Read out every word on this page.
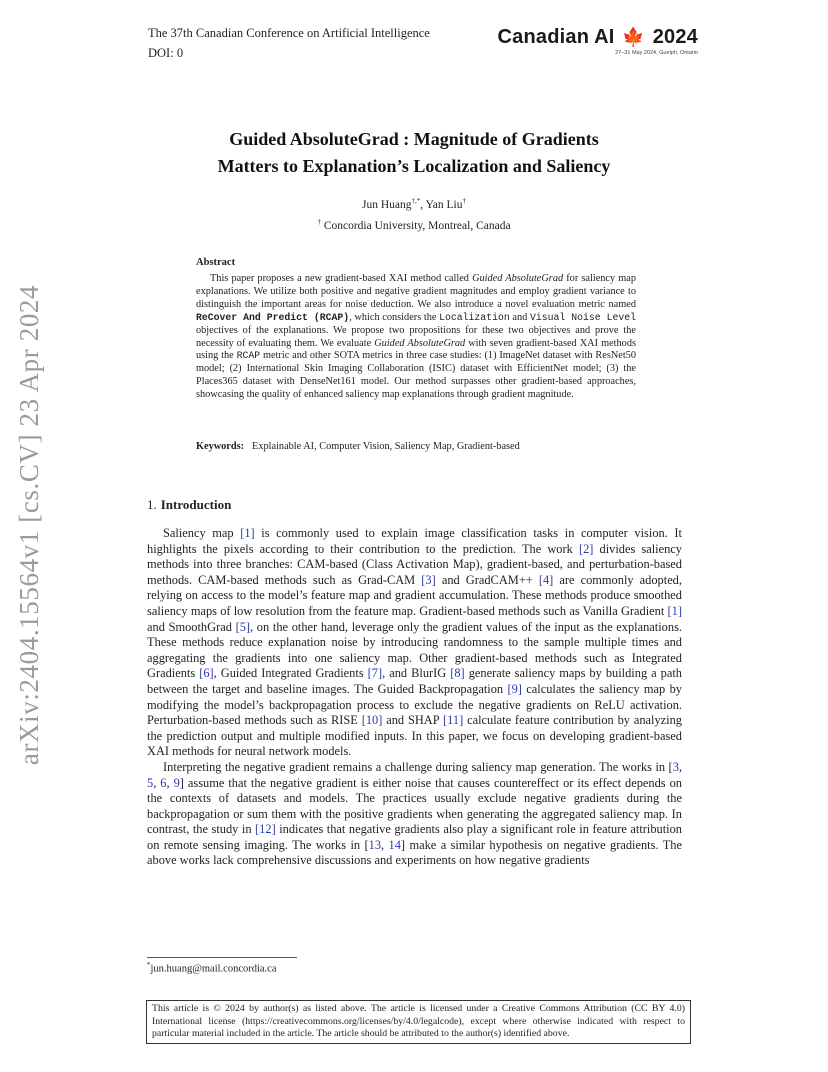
The 37th Canadian Conference on Artificial Intelligence
DOI: 0
Canadian AI 🍁 2024
27–31 May 2024, Guelph, Ontario
arXiv:2404.15564v1 [cs.CV] 23 Apr 2024
Guided AbsoluteGrad : Magnitude of Gradients
Matters to Explanation’s Localization and Saliency
Jun Huang†,*, Yan Liu†
† Concordia University, Montreal, Canada
Abstract

This paper proposes a new gradient-based XAI method called Guided AbsoluteGrad for saliency map explanations. We utilize both positive and negative gradient magnitudes and employ gradient variance to distinguish the important areas for noise deduction. We also introduce a novel evaluation metric named ReCover And Predict (RCAP), which considers the Localization and Visual Noise Level objectives of the explanations. We propose two propositions for these two objectives and prove the necessity of evaluating them. We evaluate Guided AbsoluteGrad with seven gradient-based XAI methods using the RCAP metric and other SOTA metrics in three case studies: (1) ImageNet dataset with ResNet50 model; (2) International Skin Imaging Collaboration (ISIC) dataset with EfficientNet model; (3) the Places365 dataset with DenseNet161 model. Our method surpasses other gradient-based approaches, showcasing the quality of enhanced saliency map explanations through gradient magnitude.

Keywords: Explainable AI, Computer Vision, Saliency Map, Gradient-based
1. Introduction

Saliency map [1] is commonly used to explain image classification tasks in computer vision. It highlights the pixels according to their contribution to the prediction. The work [2] divides saliency methods into three branches: CAM-based (Class Activation Map), gradient-based, and perturbation-based methods. CAM-based methods such as Grad-CAM [3] and GradCAM++ [4] are commonly adopted, relying on access to the model’s feature map and gradient accumulation. These methods produce smoothed saliency maps of low resolution from the feature map. Gradient-based methods such as Vanilla Gradient [1] and SmoothGrad [5], on the other hand, leverage only the gradient values of the input as the explanations. These methods reduce explanation noise by introducing randomness to the sample multiple times and aggregating the gradients into one saliency map. Other gradient-based methods such as Integrated Gradients [6], Guided Integrated Gradients [7], and BlurIG [8] generate saliency maps by building a path between the target and baseline images. The Guided Backpropagation [9] calculates the saliency map by modifying the model’s backpropagation process to exclude the negative gradients on ReLU activation. Perturbation-based methods such as RISE [10] and SHAP [11] calculate feature contribution by analyzing the prediction output and multiple modified inputs. In this paper, we focus on developing gradient-based XAI methods for neural network models.

Interpreting the negative gradient remains a challenge during saliency map generation. The works in [3, 5, 6, 9] assume that the negative gradient is either noise that causes countereffect or its effect depends on the contexts of datasets and models. The practices usually exclude negative gradients during the backpropagation or sum them with the positive gradients when generating the aggregated saliency map. In contrast, the study in [12] indicates that negative gradients also play a significant role in feature attribution on remote sensing imaging. The works in [13, 14] make a similar hypothesis on negative gradients. The above works lack comprehensive discussions and experiments on how negative gradients

*jun.huang@mail.concordia.ca
This article is © 2024 by author(s) as listed above. The article is licensed under a Creative Commons Attribution (CC BY 4.0) International license (https://creativecommons.org/licenses/by/4.0/legalcode), except where otherwise indicated with respect to particular material included in the article. The article should be attributed to the author(s) identified above.
